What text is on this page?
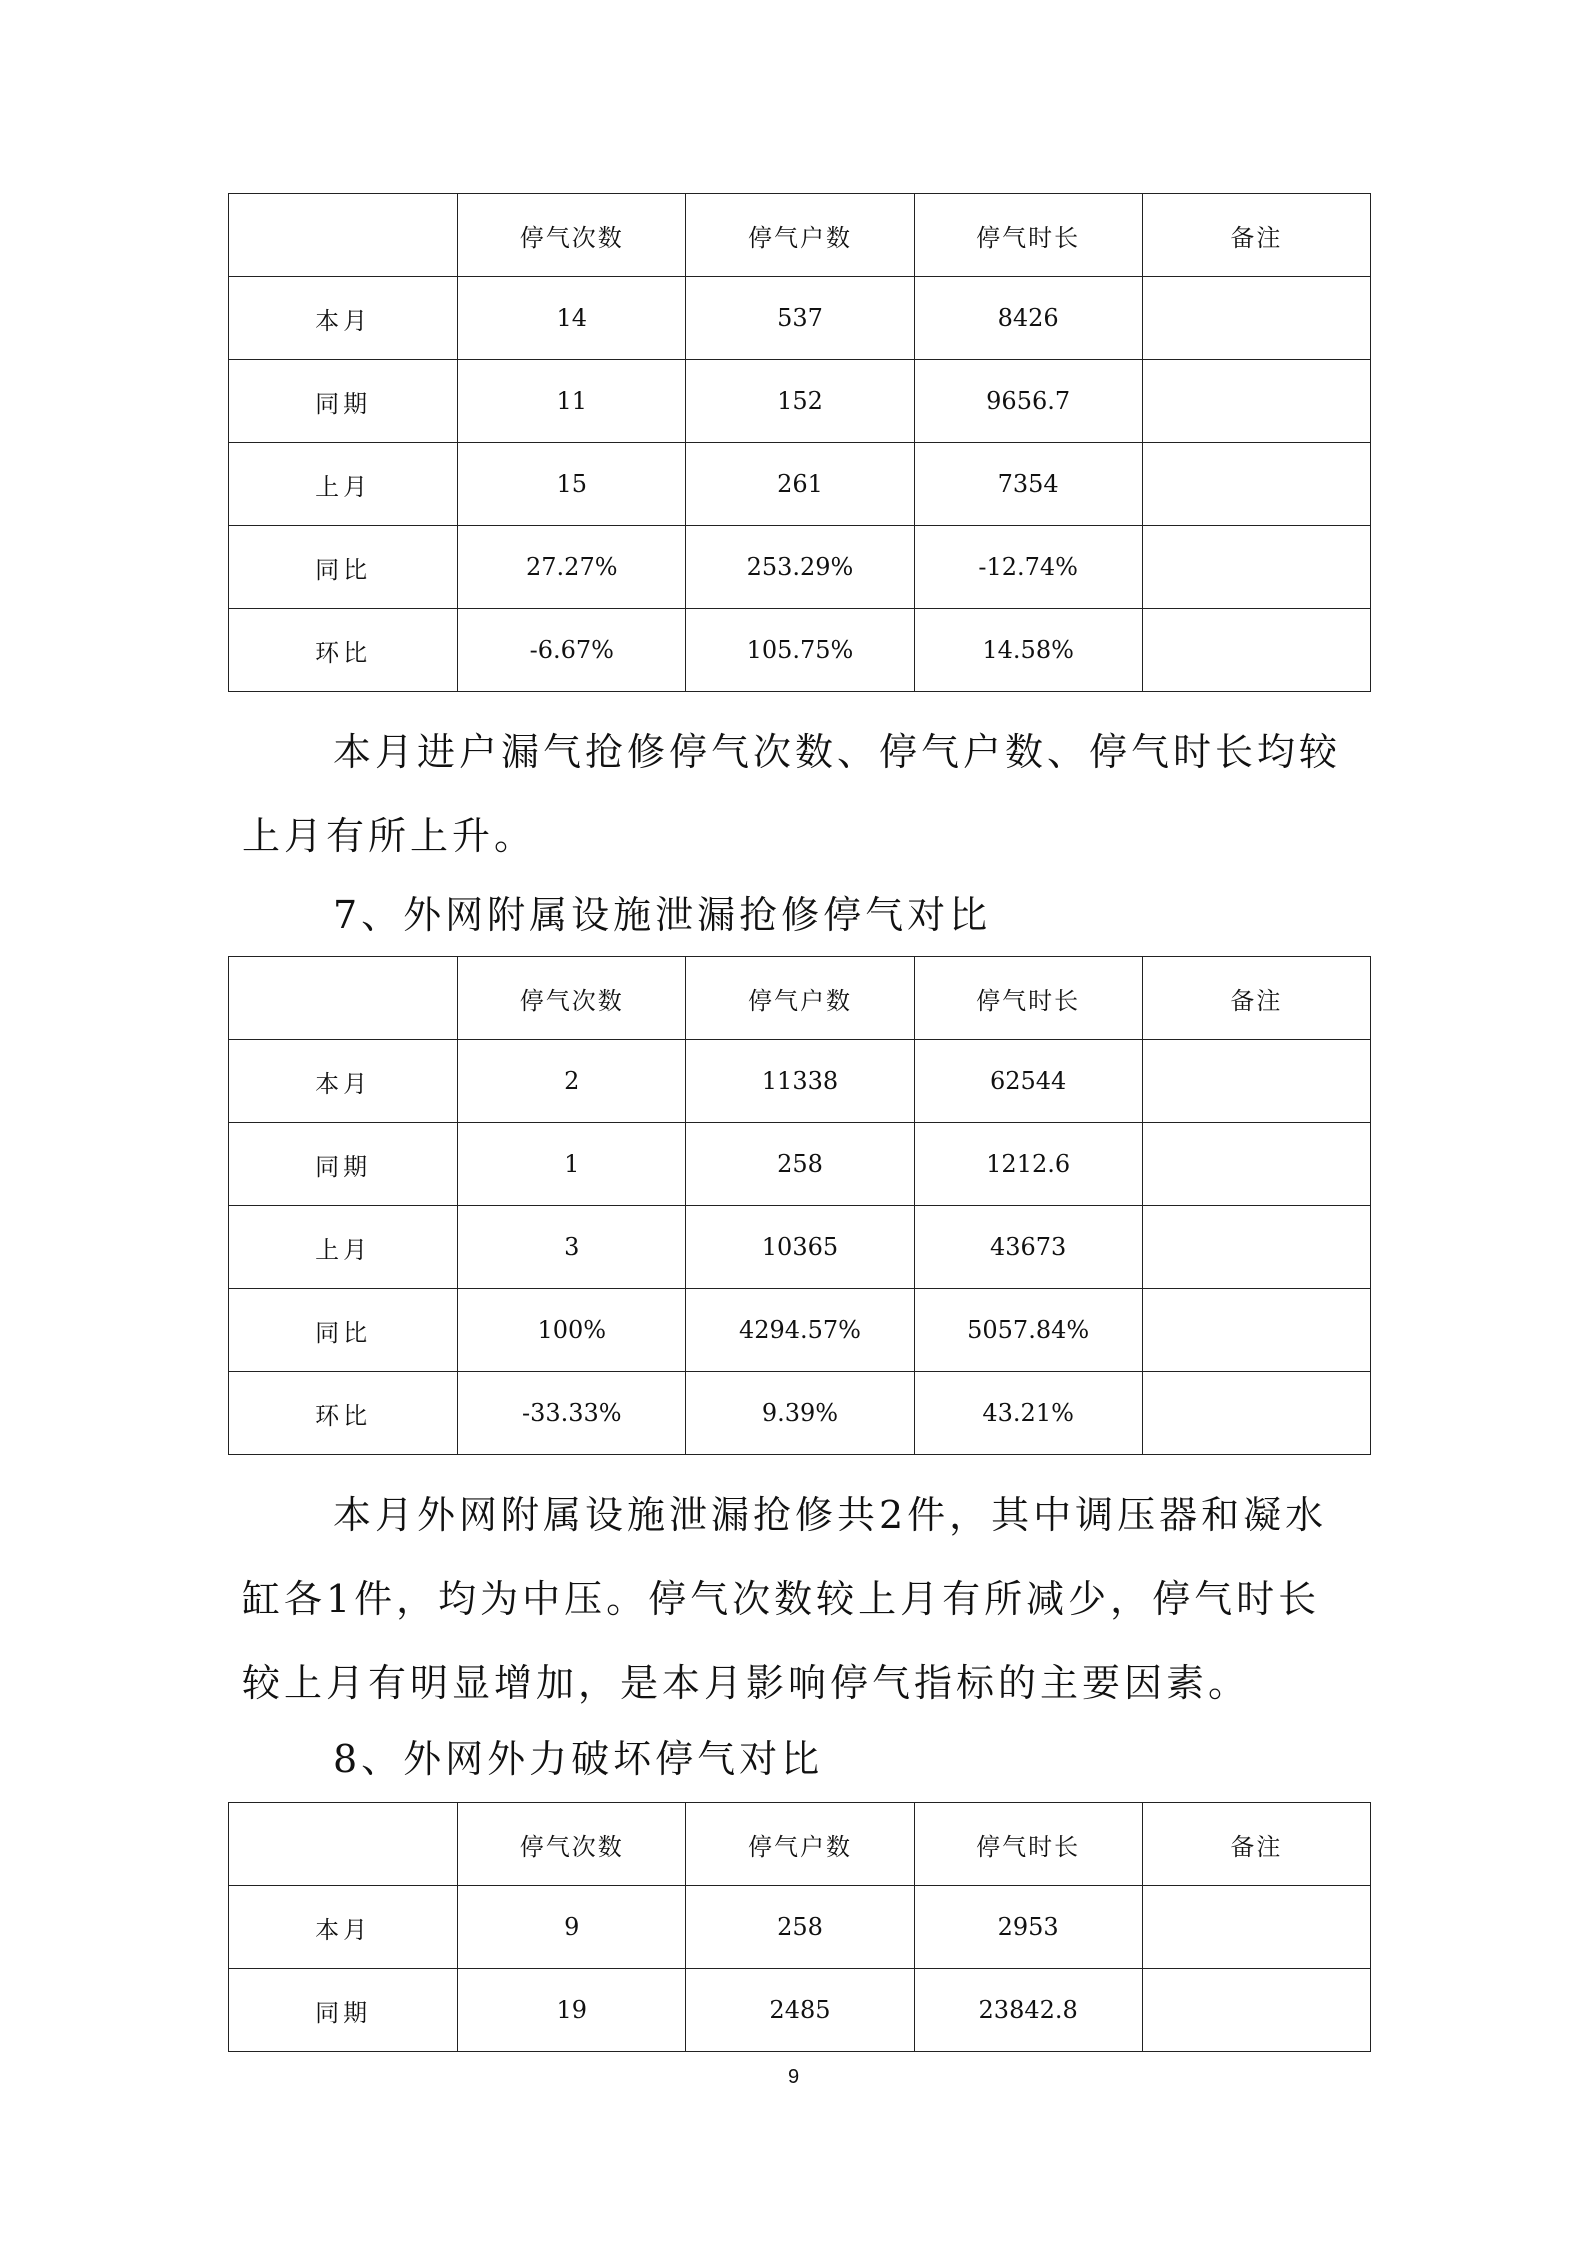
	停气次数	停气户数	停气时长	备注
本月	14	537	8426	
同期	11	152	9656.7	
上月	15	261	7354	
同比	27.27%	253.29%	-12.74%	
环比	-6.67%	105.75%	14.58%	

本月进户漏气抢修停气次数、停气户数、停气时长均较上月有所上升。

7、外网附属设施泄漏抢修停气对比

	停气次数	停气户数	停气时长	备注
本月	2	11338	62544	
同期	1	258	1212.6	
上月	3	10365	43673	
同比	100%	4294.57%	5057.84%	
环比	-33.33%	9.39%	43.21%	

本月外网附属设施泄漏抢修共2件，其中调压器和凝水缸各1件，均为中压。停气次数较上月有所减少，停气时长较上月有明显增加，是本月影响停气指标的主要因素。

8、外网外力破坏停气对比

	停气次数	停气户数	停气时长	备注
本月	9	258	2953	
同期	19	2485	23842.8	
9
